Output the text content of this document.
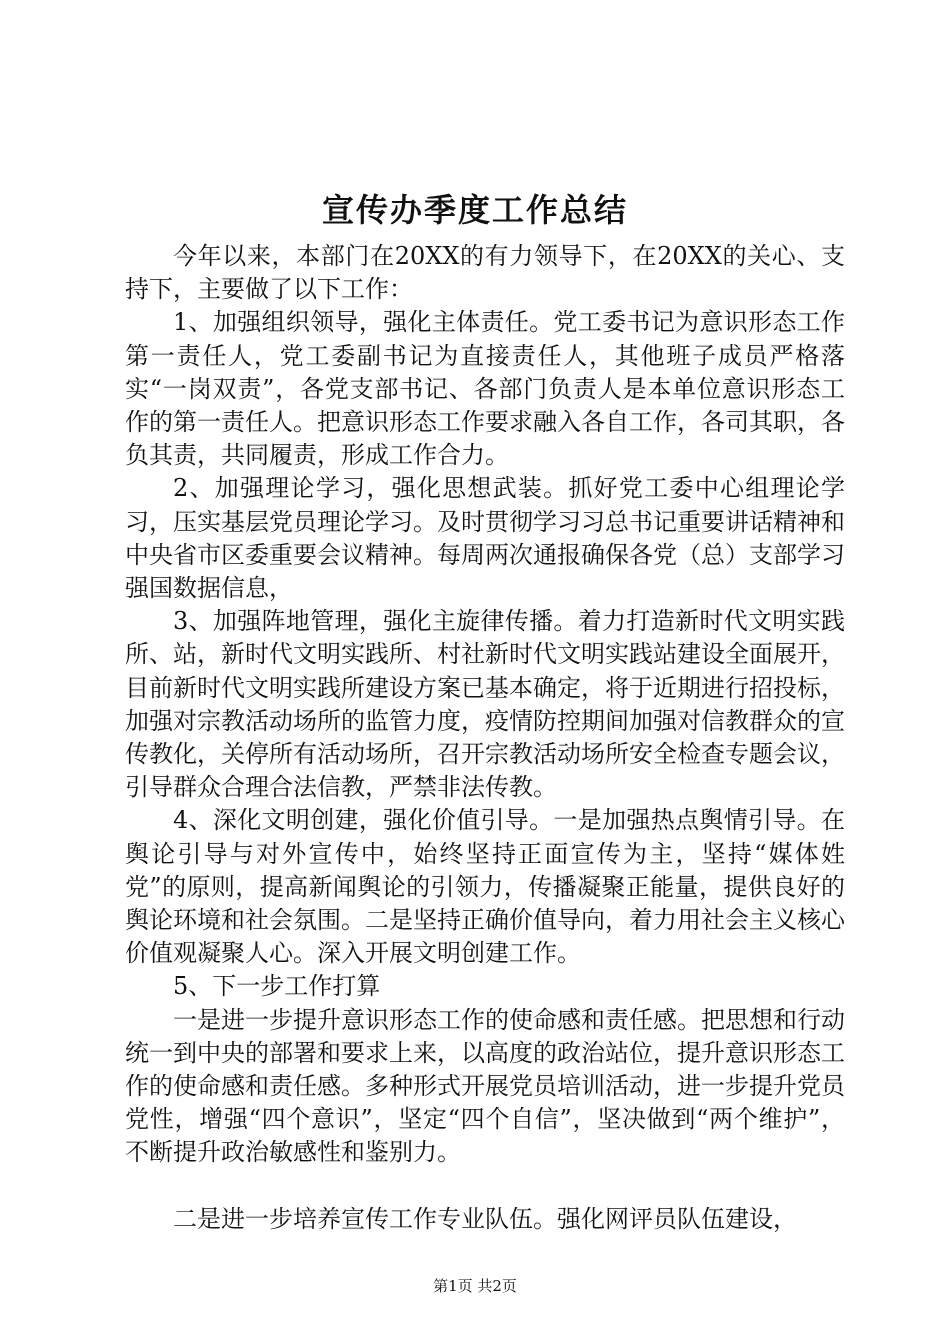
宣传办季度工作总结

今年以来，本部门在20XX的有力领导下，在20XX的关心、支持下，主要做了以下工作：

1、加强组织领导，强化主体责任。党工委书记为意识形态工作第一责任人，党工委副书记为直接责任人，其他班子成员严格落实“一岗双责”，各党支部书记、各部门负责人是本单位意识形态工作的第一责任人。把意识形态工作要求融入各自工作，各司其职，各负其责，共同履责，形成工作合力。

2、加强理论学习，强化思想武装。抓好党工委中心组理论学习，压实基层党员理论学习。及时贯彻学习习总书记重要讲话精神和中央省市区委重要会议精神。每周两次通报确保各党（总）支部学习强国数据信息，

3、加强阵地管理，强化主旋律传播。着力打造新时代文明实践所、站，新时代文明实践所、村社新时代文明实践站建设全面展开，目前新时代文明实践所建设方案已基本确定，将于近期进行招投标，加强对宗教活动场所的监管力度，疫情防控期间加强对信教群众的宣传教化，关停所有活动场所，召开宗教活动场所安全检查专题会议，引导群众合理合法信教，严禁非法传教。

4、深化文明创建，强化价值引导。一是加强热点舆情引导。在舆论引导与对外宣传中，始终坚持正面宣传为主，坚持“媒体姓党”的原则，提高新闻舆论的引领力，传播凝聚正能量，提供良好的舆论环境和社会氛围。二是坚持正确价值导向，着力用社会主义核心价值观凝聚人心。深入开展文明创建工作。

5、下一步工作打算

一是进一步提升意识形态工作的使命感和责任感。把思想和行动统一到中央的部署和要求上来，以高度的政治站位，提升意识形态工作的使命感和责任感。多种形式开展党员培训活动，进一步提升党员党性，增强“四个意识”，坚定“四个自信”，坚决做到“两个维护”，不断提升政治敏感性和鉴别力。

二是进一步培养宣传工作专业队伍。强化网评员队伍建设，

第1页 共2页
